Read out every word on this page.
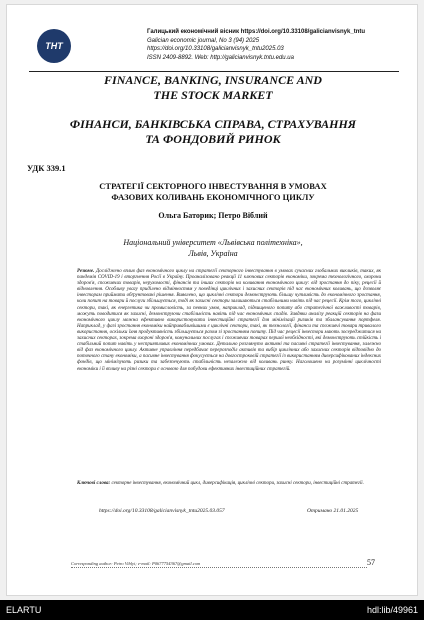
ТНТ
Галицький економічний вісник https://doi.org/10.33108/galicianvisnyk_tntu
Galician economic journal, No 3 (94) 2025
https://doi.org/10.33108/galicianvisnyk_tntu2025.03
ISSN 2409-8892. Web: http://galicianvisnyk.tntu.edu.ua
FINANCE, BANKING, INSURANCE AND
THE STOCK MARKET
ФІНАНСИ, БАНКІВСЬКА СПРАВА, СТРАХУВАННЯ
ТА ФОНДОВИЙ РИНОК
УДК 339.1
СТРАТЕГІЇ СЕКТОРНОГО ІНВЕСТУВАННЯ В УМОВАХ
ФАЗОВИХ КОЛИВАНЬ ЕКОНОМІЧНОГО ЦИКЛУ
Ольга Баторик; Петро Віблий
Національний університет «Львівська політехніка»,
Львів, Україна
Резюме. Досліджено вплив фаз економічного циклу на стратегії секторного інвестування в умовах сучасних глобальних викликів, таких, як пандемія COVID-19 і вторгнення Росії в Україну. Проаналізовано реакції 11 ключових секторів економіки, зокрема технологічного, охорони здоров'я, споживчих товарів, нерухомості, фінансів та інших секторів на коливання економічного циклу: від зростання до піку, рецесії й відновлення. Особливу увагу приділено відмінностям у поведінці циклічних і захисних секторів під час економічних коливань, що дозволяє інвесторам приймати обґрунтовані рішення. Виявлено, що циклічні сектори демонструють більшу чутливість до економічного зростання, коли попит на товари й послуги збільшується, тоді як захисні сектори залишаються стабільними навіть під час рецесії. Крім того, циклічні сектори, такі, як енергетика чи промисловість, за певних умов, наприклад, підвищеного попиту або стратегічної важливості товарів, можуть поводитися як захисні, демонструючи стабільність навіть під час економічних спадів. Завдяки аналізу реакцій секторів на фази економічного циклу можна ефективно використовувати інвестиційні стратегії для мінімізації ризиків та збалансування портфеля. Наприклад, у фазі зростання економіки найпривабливішими є циклічні сектори, такі, як технології, фінанси та споживчі товари тривалого використання, оскільки їхня продуктивність збільшується разом зі зростанням попиту. Під час рецесії інвестори мають зосереджатися на захисних секторах, зокрема охороні здоров'я, комунальних послугах і споживчих товарах першої необхідності, які демонструють стійкість і стабільний попит навіть у несприятливих економічних умовах. Детально розглянуто активні та пасивні стратегії інвестування, залежно від фаз економічного циклу. Активне управління передбачає перерозподіл активів та вибір циклічних або захисних секторів відповідно до поточного стану економіки, а пасивне інвестування фокусується на довгостроковій стратегії із використанням диверсифікованих індексних фондів, що мінімізують ризики та забезпечують стабільність незалежно від коливань ринку. Наголошено на розумінні циклічності економіки і її впливу на різні сектори є основою для побудови ефективних інвестиційних стратегій.
Ключові слова: секторне інвестування, економічний цикл, диверсифікація, циклічні сектори, захисні сектори, інвестиційні стратегії.
https://doi.org/10.33108/galicianvisnyk_tntu2025.03.057	Отримано 21.01.2025
Corresponding author: Petro Viblyi; e-mail: P0677754367@gmail.com	57
ELARTU	hdl:lib/49961
